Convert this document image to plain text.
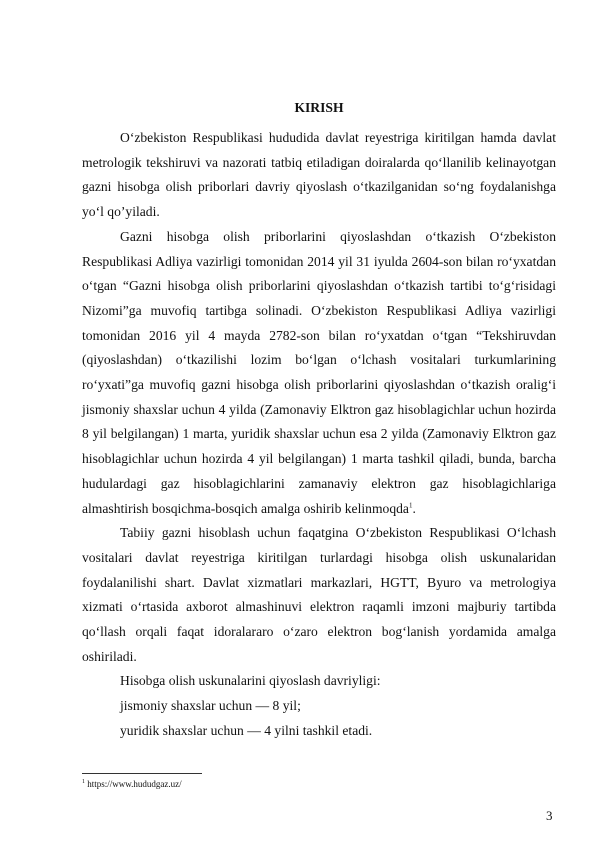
KIRISH

O‘zbekiston Respublikasi hududida davlat reyestriga kiritilgan hamda davlat metrologik tekshiruvi va nazorati tatbiq etiladigan doiralarda qo‘llanilib kelinayotgan gazni hisobga olish priborlari davriy qiyoslash o‘tkazilganidan so‘ng foydalanishga yo‘l qo’yiladi.

Gazni hisobga olish priborlarini qiyoslashdan o‘tkazish O‘zbekiston Respublikasi Adliya vazirligi tomonidan 2014 yil 31 iyulda 2604-son bilan ro‘yxatdan o‘tgan “Gazni hisobga olish priborlarini qiyoslashdan o‘tkazish tartibi to‘g‘risidagi Nizomi”ga muvofiq tartibga solinadi. O‘zbekiston Respublikasi Adliya vazirligi tomonidan 2016 yil 4 mayda 2782-son bilan ro‘yxatdan o‘tgan “Tekshiruvdan (qiyoslashdan) o‘tkazilishi lozim bo‘lgan o‘lchash vositalari turkumlarining ro‘yxati”ga muvofiq gazni hisobga olish priborlarini qiyoslashdan o‘tkazish oralig‘i jismoniy shaxslar uchun 4 yilda (Zamonaviy Elktron gaz hisoblagichlar uchun hozirda 8 yil belgilangan) 1 marta, yuridik shaxslar uchun esa 2 yilda (Zamonaviy Elktron gaz hisoblagichlar uchun hozirda 4 yil belgilangan) 1 marta tashkil qiladi, bunda, barcha hudulardagi gaz hisoblagichlarini zamanaviy elektron gaz hisoblagichlariga almashtirish bosqichma-bosqich amalga oshirib kelinmoqda$^1$.

Tabiiy gazni hisoblash uchun faqatgina O‘zbekiston Respublikasi O‘lchash vositalari davlat reyestriga kiritilgan turlardagi hisobga olish uskunalaridan foydalanilishi shart. Davlat xizmatlari markazlari, HGTT, Byuro va metrologiya xizmati o‘rtasida axborot almashinuvi elektron raqamli imzoni majburiy tartibda qo‘llash orqali faqat idoralararo o‘zaro elektron bog‘lanish yordamida amalga oshiriladi.

Hisobga olish uskunalarini qiyoslash davriyligi:

jismoniy shaxslar uchun — 8 yil;

yuridik shaxslar uchun — 4 yilni tashkil etadi.

$^1$ https://www.hududgaz.uz/
3
